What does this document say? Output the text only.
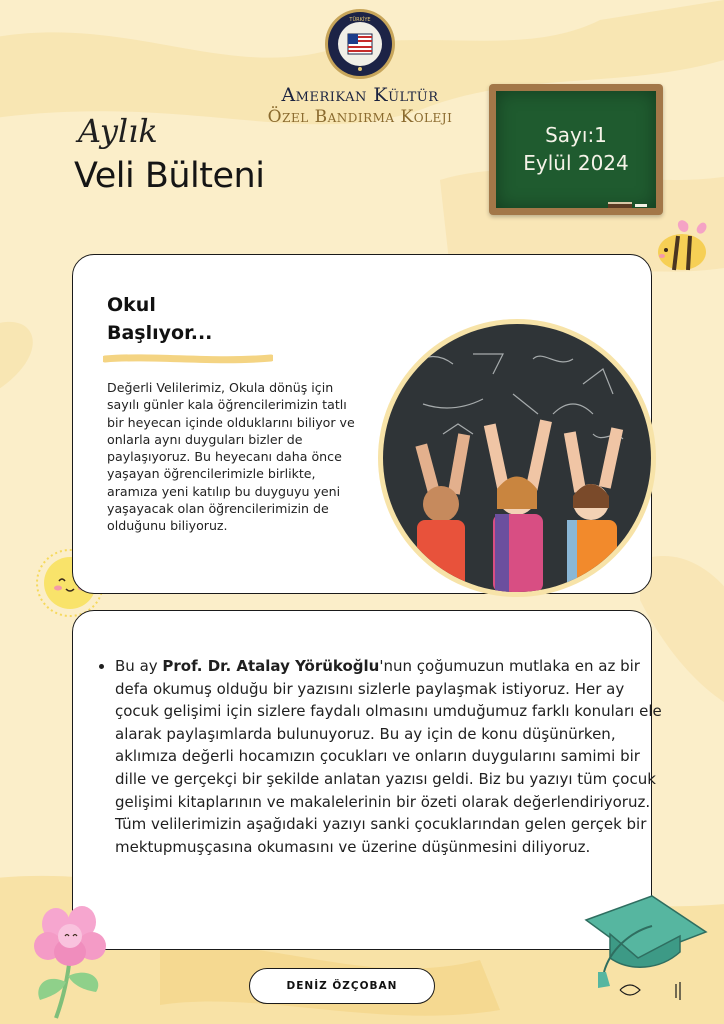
TÜRKİYE
Amerikan Kültür
Özel Bandırma Koleji
Aylık
Veli Bülteni
Sayı:1
Eylül 2024
Okul
Başlıyor...
Değerli Velilerimiz, Okula dönüş için sayılı günler kala öğrencilerimizin tatlı bir heyecan içinde olduklarını biliyor ve onlarla aynı duyguları bizler de paylaşıyoruz. Bu heyecanı daha önce yaşayan öğrencilerimizle birlikte, aramıza yeni katılıp bu duyguyu yeni yaşayacak olan öğrencilerimizin de olduğunu biliyoruz.
• Bu ay Prof. Dr. Atalay Yörükoğlu'nun çoğumuzun mutlaka en az bir defa okumuş olduğu bir yazısını sizlerle paylaşmak istiyoruz. Her ay çocuk gelişimi için sizlere faydalı olmasını umduğumuz farklı konuları ele alarak paylaşımlarda bulunuyoruz. Bu ay için de konu düşünürken, aklımıza değerli hocamızın çocukları ve onların duygularını samimi bir dille ve gerçekçi bir şekilde anlatan yazısı geldi. Biz bu yazıyı tüm çocuk gelişimi kitaplarının ve makalelerinin bir özeti olarak değerlendiriyoruz. Tüm velilerimizin aşağıdaki yazıyı sanki çocuklarından gelen gerçek bir mektupmuşçasına okumasını ve üzerine düşünmesini diliyoruz.
DENİZ ÖZÇOBAN
